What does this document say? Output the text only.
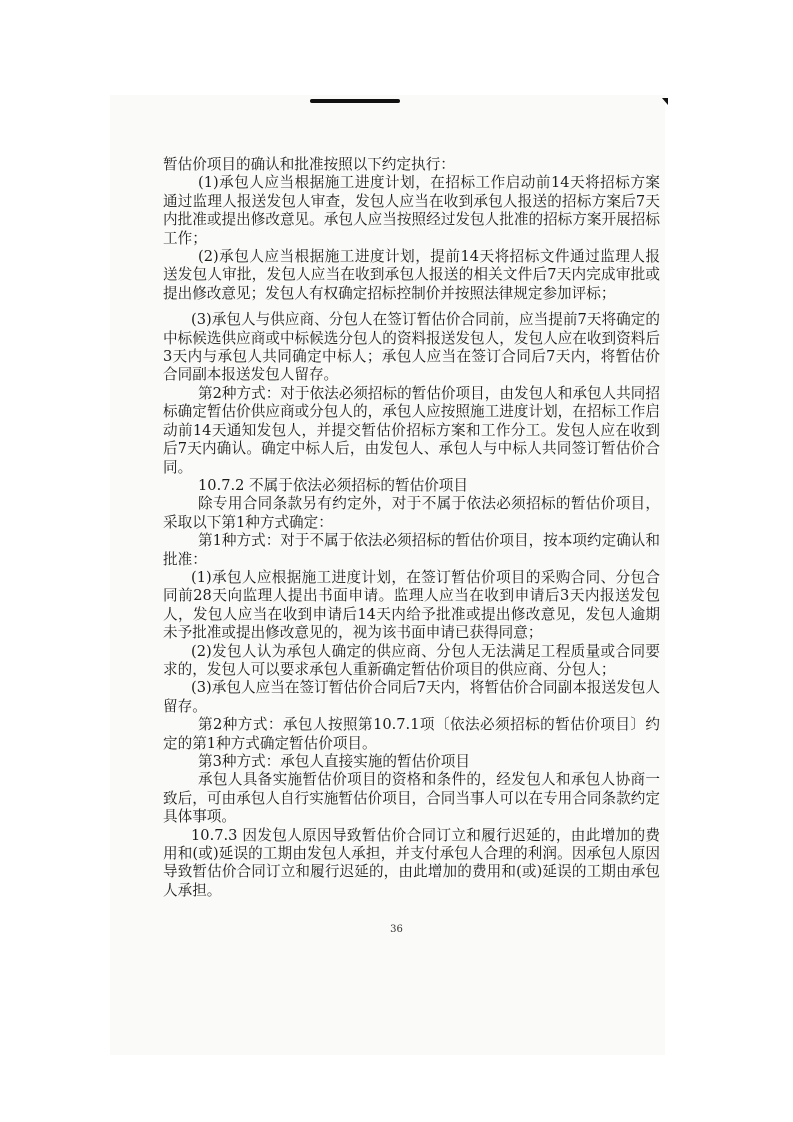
暂估价项目的确认和批准按照以下约定执行：

(1)承包人应当根据施工进度计划，在招标工作启动前14天将招标方案通过监理人报送发包人审查，发包人应当在收到承包人报送的招标方案后7天内批准或提出修改意见。承包人应当按照经过发包人批准的招标方案开展招标工作；

(2)承包人应当根据施工进度计划，提前14天将招标文件通过监理人报送发包人审批，发包人应当在收到承包人报送的相关文件后7天内完成审批或提出修改意见；发包人有权确定招标控制价并按照法律规定参加评标；

(3)承包人与供应商、分包人在签订暂估价合同前，应当提前7天将确定的中标候选供应商或中标候选分包人的资料报送发包人，发包人应在收到资料后3天内与承包人共同确定中标人；承包人应当在签订合同后7天内，将暂估价合同副本报送发包人留存。

第2种方式：对于依法必须招标的暂估价项目，由发包人和承包人共同招标确定暂估价供应商或分包人的，承包人应按照施工进度计划，在招标工作启动前14天通知发包人，并提交暂估价招标方案和工作分工。发包人应在收到后7天内确认。确定中标人后，由发包人、承包人与中标人共同签订暂估价合同。

10.7.2 不属于依法必须招标的暂估价项目

除专用合同条款另有约定外，对于不属于依法必须招标的暂估价项目，采取以下第1种方式确定：

第1种方式：对于不属于依法必须招标的暂估价项目，按本项约定确认和批准：

(1)承包人应根据施工进度计划，在签订暂估价项目的采购合同、分包合同前28天向监理人提出书面申请。监理人应当在收到申请后3天内报送发包人，发包人应当在收到申请后14天内给予批准或提出修改意见，发包人逾期未予批准或提出修改意见的，视为该书面申请已获得同意；

(2)发包人认为承包人确定的供应商、分包人无法满足工程质量或合同要求的，发包人可以要求承包人重新确定暂估价项目的供应商、分包人；

(3)承包人应当在签订暂估价合同后7天内，将暂估价合同副本报送发包人留存。

第2种方式：承包人按照第10.7.1项〔依法必须招标的暂估价项目〕约定的第1种方式确定暂估价项目。

第3种方式：承包人直接实施的暂估价项目

承包人具备实施暂估价项目的资格和条件的，经发包人和承包人协商一致后，可由承包人自行实施暂估价项目，合同当事人可以在专用合同条款约定具体事项。

10.7.3 因发包人原因导致暂估价合同订立和履行迟延的，由此增加的费用和(或)延误的工期由发包人承担，并支付承包人合理的利润。因承包人原因导致暂估价合同订立和履行迟延的，由此增加的费用和(或)延误的工期由承包人承担。

36
